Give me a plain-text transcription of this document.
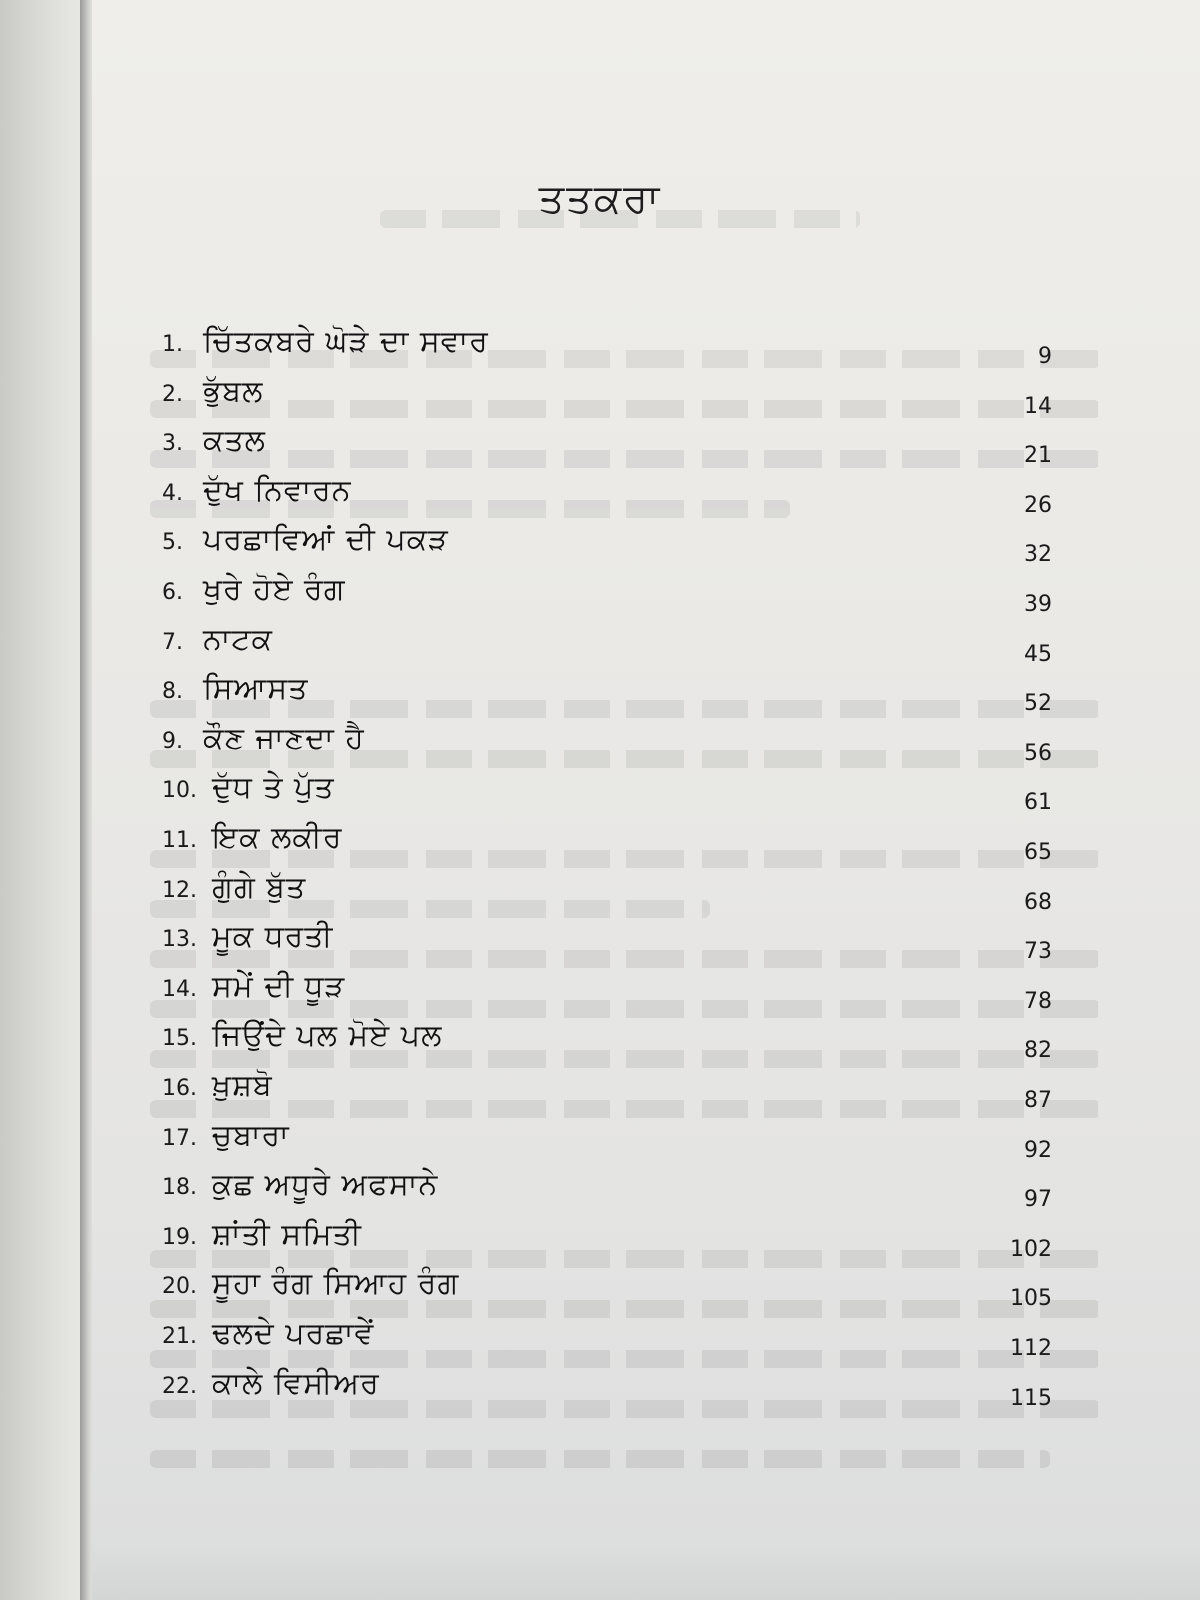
ਤਤਕਰਾ
1. ਚਿੱਤਕਬਰੇ ਘੋੜੇ ਦਾ ਸਵਾਰ	9
2. ਭੁੱਬਲ	14
3. ਕਤਲ	21
4. ਦੁੱਖ ਨਿਵਾਰਨ	26
5. ਪਰਛਾਵਿਆਂ ਦੀ ਪਕੜ	32
6. ਖੁਰੇ ਹੋਏ ਰੰਗ	39
7. ਨਾਟਕ	45
8. ਸਿਆਸਤ	52
9. ਕੌਣ ਜਾਣਦਾ ਹੈ	56
10. ਦੁੱਧ ਤੇ ਪੁੱਤ	61
11. ਇਕ ਲਕੀਰ	65
12. ਗੁੰਗੇ ਬੁੱਤ	68
13. ਮੂਕ ਧਰਤੀ	73
14. ਸਮੇਂ ਦੀ ਧੂੜ	78
15. ਜਿਉਂਦੇ ਪਲ ਮੋਏ ਪਲ	82
16. ਖ਼ੁਸ਼ਬੋ	87
17. ਚੁਬਾਰਾ	92
18. ਕੁਛ ਅਧੂਰੇ ਅਫਸਾਨੇ	97
19. ਸ਼ਾਂਤੀ ਸਮਿਤੀ	102
20. ਸੂਹਾ ਰੰਗ ਸਿਆਹ ਰੰਗ	105
21. ਢਲਦੇ ਪਰਛਾਵੇਂ	112
22. ਕਾਲੇ ਵਿਸੀਅਰ	115
